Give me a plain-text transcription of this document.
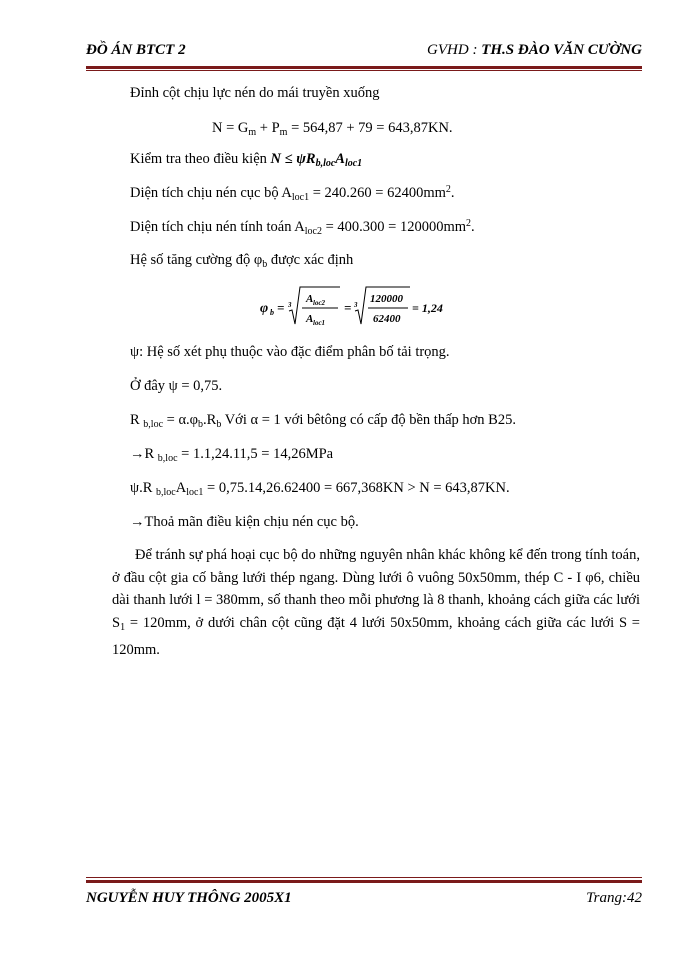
ĐỒ ÁN BTCT 2	GVHD : TH.S ĐÀO VĂN CƯỜNG
Đỉnh cột chịu lực nén do mái truyền xuống
$N = G_m + P_m = 564,87 + 79 = 643,87KN$.
Kiểm tra theo điều kiện $N \le \psi R_{b,loc}A_{loc1}$
Diện tích chịu nén cục bộ $A_{loc1} = 240.260 = 62400mm^2$.
Diện tích chịu nén tính toán $A_{loc2} = 400.300 = 120000mm^2$.
Hệ số tăng cường độ $\varphi_b$ được xác định
φ b = 3 A loc2
A loc1
= 3 120000
62400
= 1,24
ψ: Hệ số xét phụ thuộc vào đặc điểm phân bố tải trọng.
Ở đây ψ = 0,75.
R $_{b,loc} = \alpha.\varphi_b.R_b$ Với α = 1 với bêtông có cấp độ bền thấp hơn B25.
→R $_{b,loc}$ = 1.1,24.11,5 = 14,26MPa
ψ.R $_{b,loc}A_{loc1} = 0,75.14,26.62400 = 667,368KN > N = 643,87KN$.
→Thoả mãn điều kiện chịu nén cục bộ.
Để tránh sự phá hoại cục bộ do những nguyên nhân khác không kể đến trong tính toán, ở đầu cột gia cố bằng lưới thép ngang. Dùng lưới ô vuông 50x50mm, thép C - I φ6, chiều dài thanh lưới l = 380mm, số thanh theo mỗi phương là 8 thanh, khoảng cách giữa các lưới $S_1 = 120mm$, ở dưới chân cột cũng đặt 4 lưới 50x50mm, khoảng cách giữa các lưới S = 120mm.
NGUYỄN HUY THÔNG 2005X1	Trang:42
